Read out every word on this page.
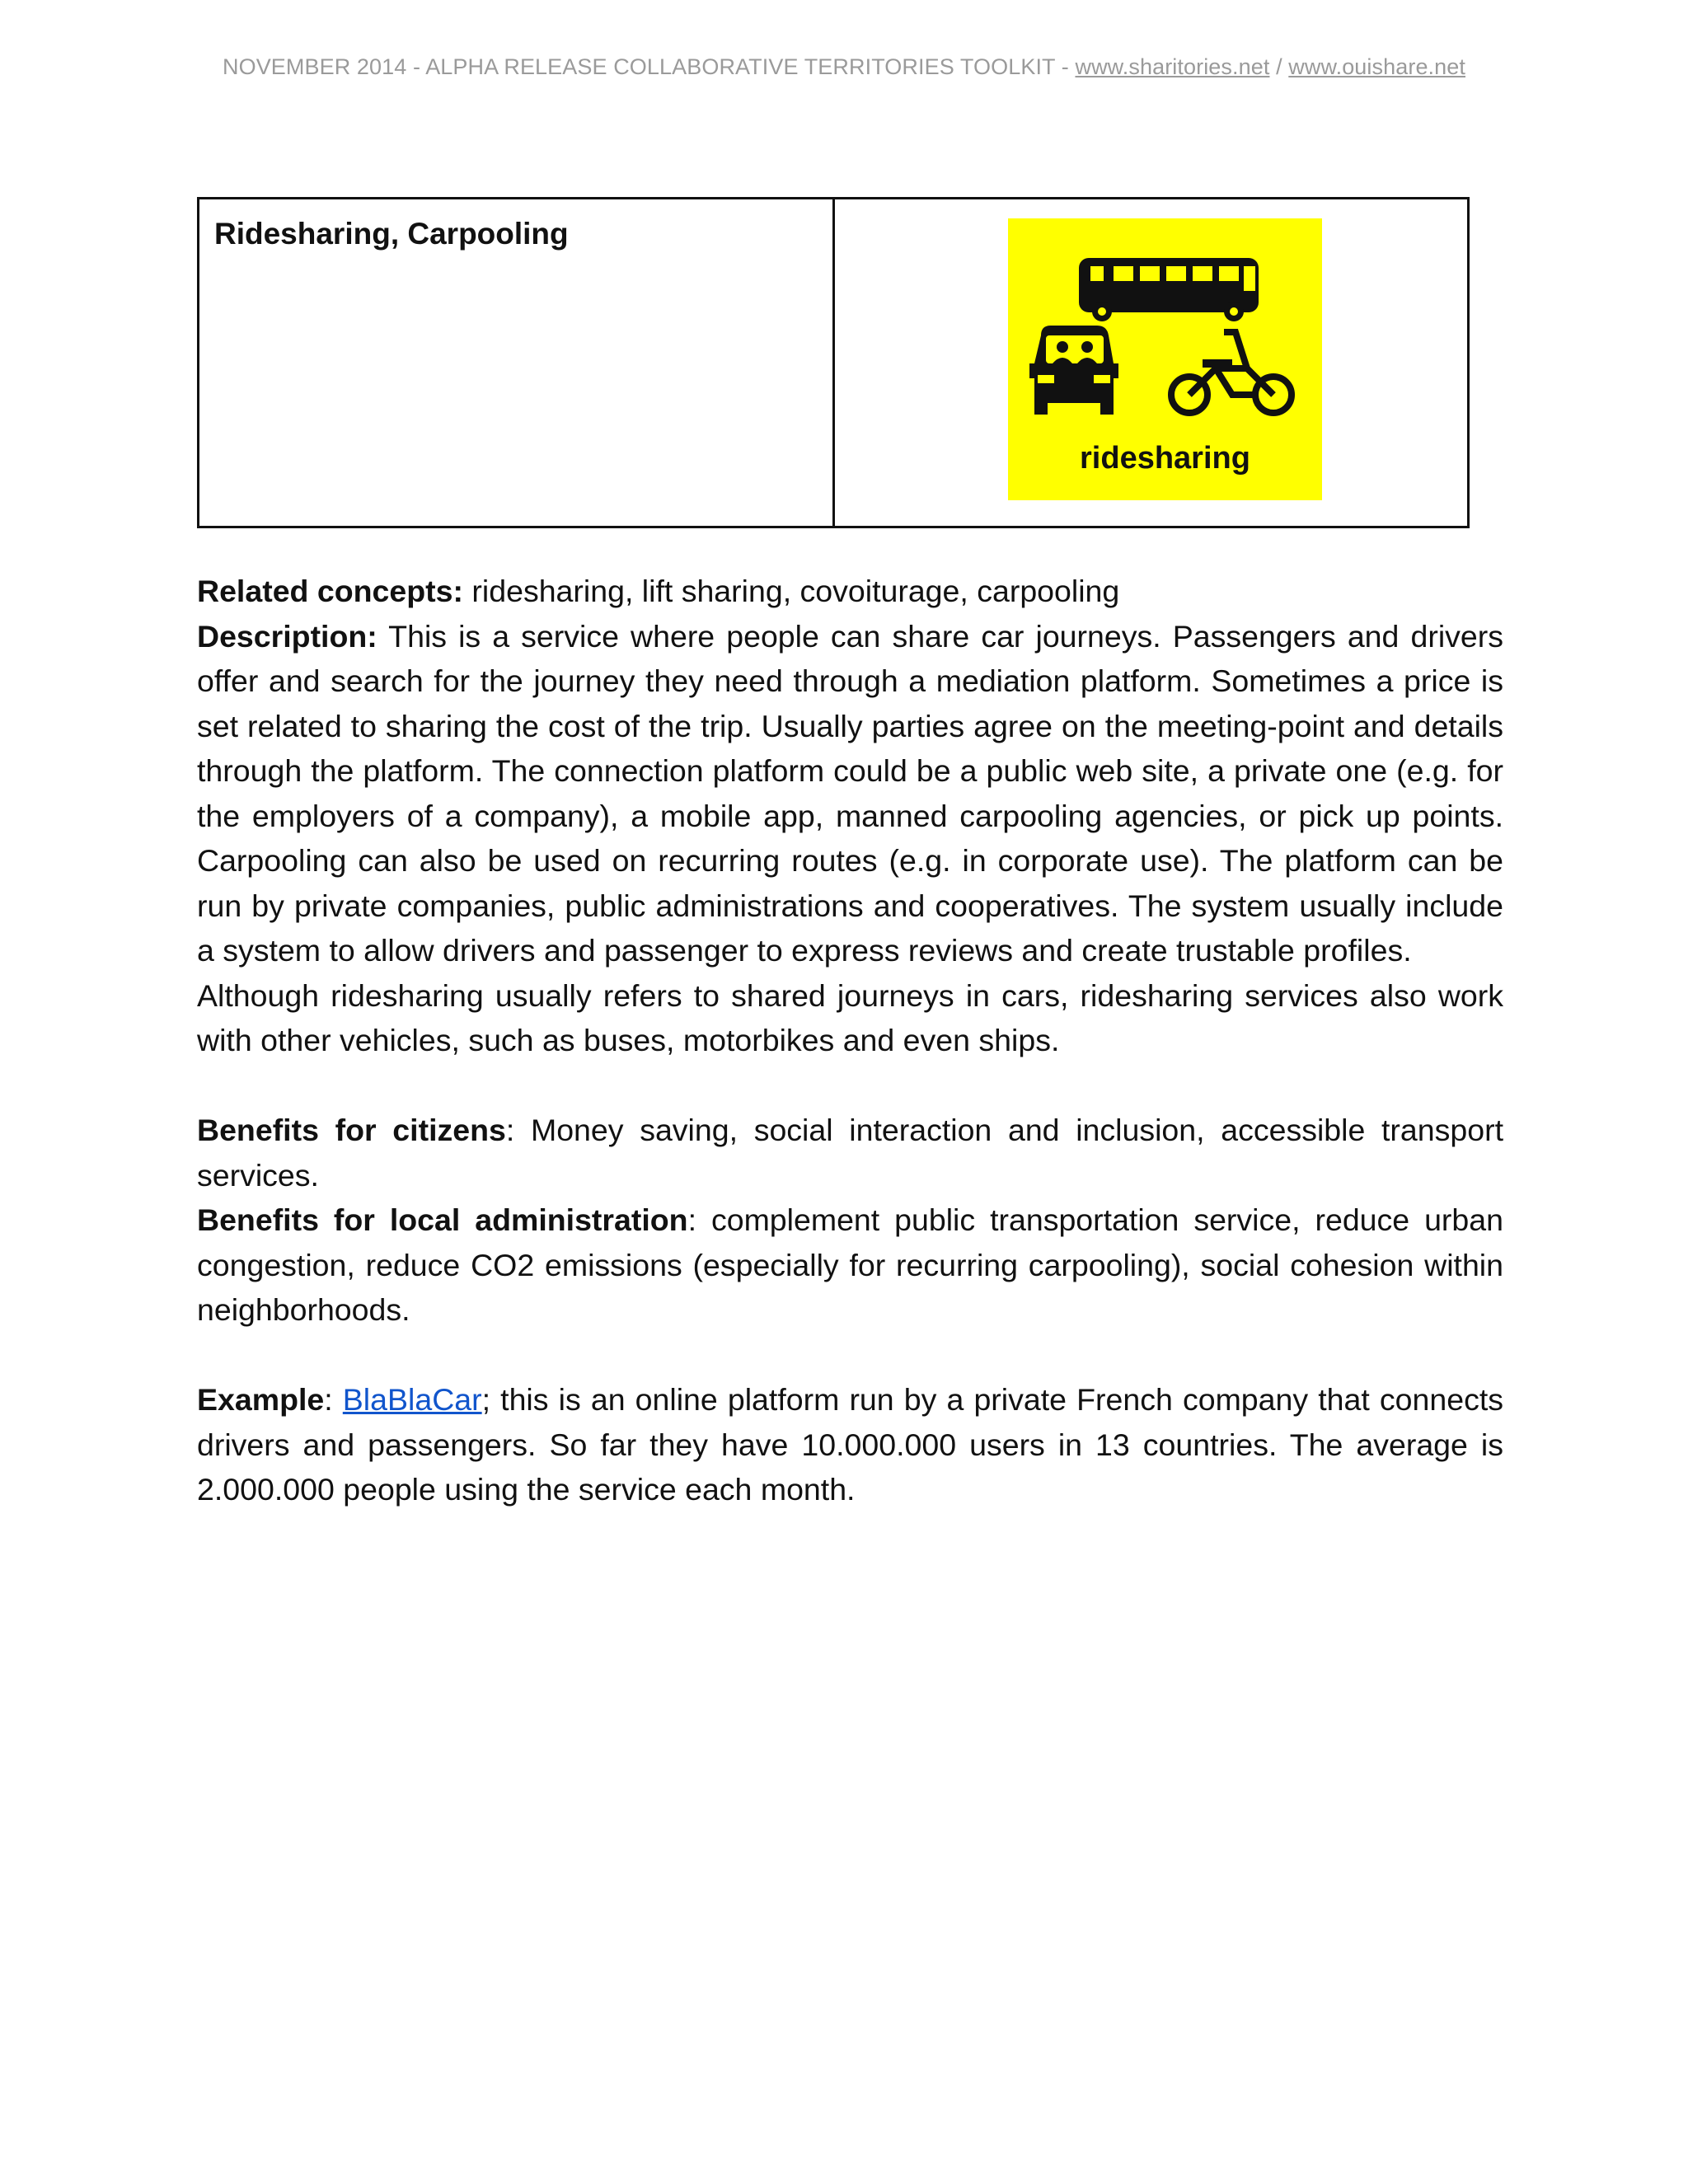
NOVEMBER 2014 - ALPHA RELEASE COLLABORATIVE TERRITORIES TOOLKIT - www.sharitories.net / www.ouishare.net
Ridesharing, Carpooling
ridesharing

Related concepts: ridesharing, lift sharing, covoiturage, carpooling

Description: This is a service where people can share car journeys. Passengers and drivers offer and search for the journey they need through a mediation platform. Sometimes a price is set related to sharing the cost of the trip. Usually parties agree on the meeting-point and details through the platform. The connection platform could be a public web site, a private one (e.g. for the employers of a company), a mobile app, manned carpooling agencies, or pick up points. Carpooling can also be used on recurring routes (e.g. in corporate use). The platform can be run by private companies, public administrations and cooperatives. The system usually include a system to allow drivers and passenger to express reviews and create trustable profiles.

Although ridesharing usually refers to shared journeys in cars, ridesharing services also work with other vehicles, such as buses, motorbikes and even ships.

Benefits for citizens: Money saving, social interaction and inclusion, accessible transport services.

Benefits for local administration: complement public transportation service, reduce urban congestion, reduce CO2 emissions (especially for recurring carpooling), social cohesion within neighborhoods.

Example: BlaBlaCar; this is an online platform run by a private French company that connects drivers and passengers. So far they have 10.000.000 users in 13 countries. The average is 2.000.000 people using the service each month.
